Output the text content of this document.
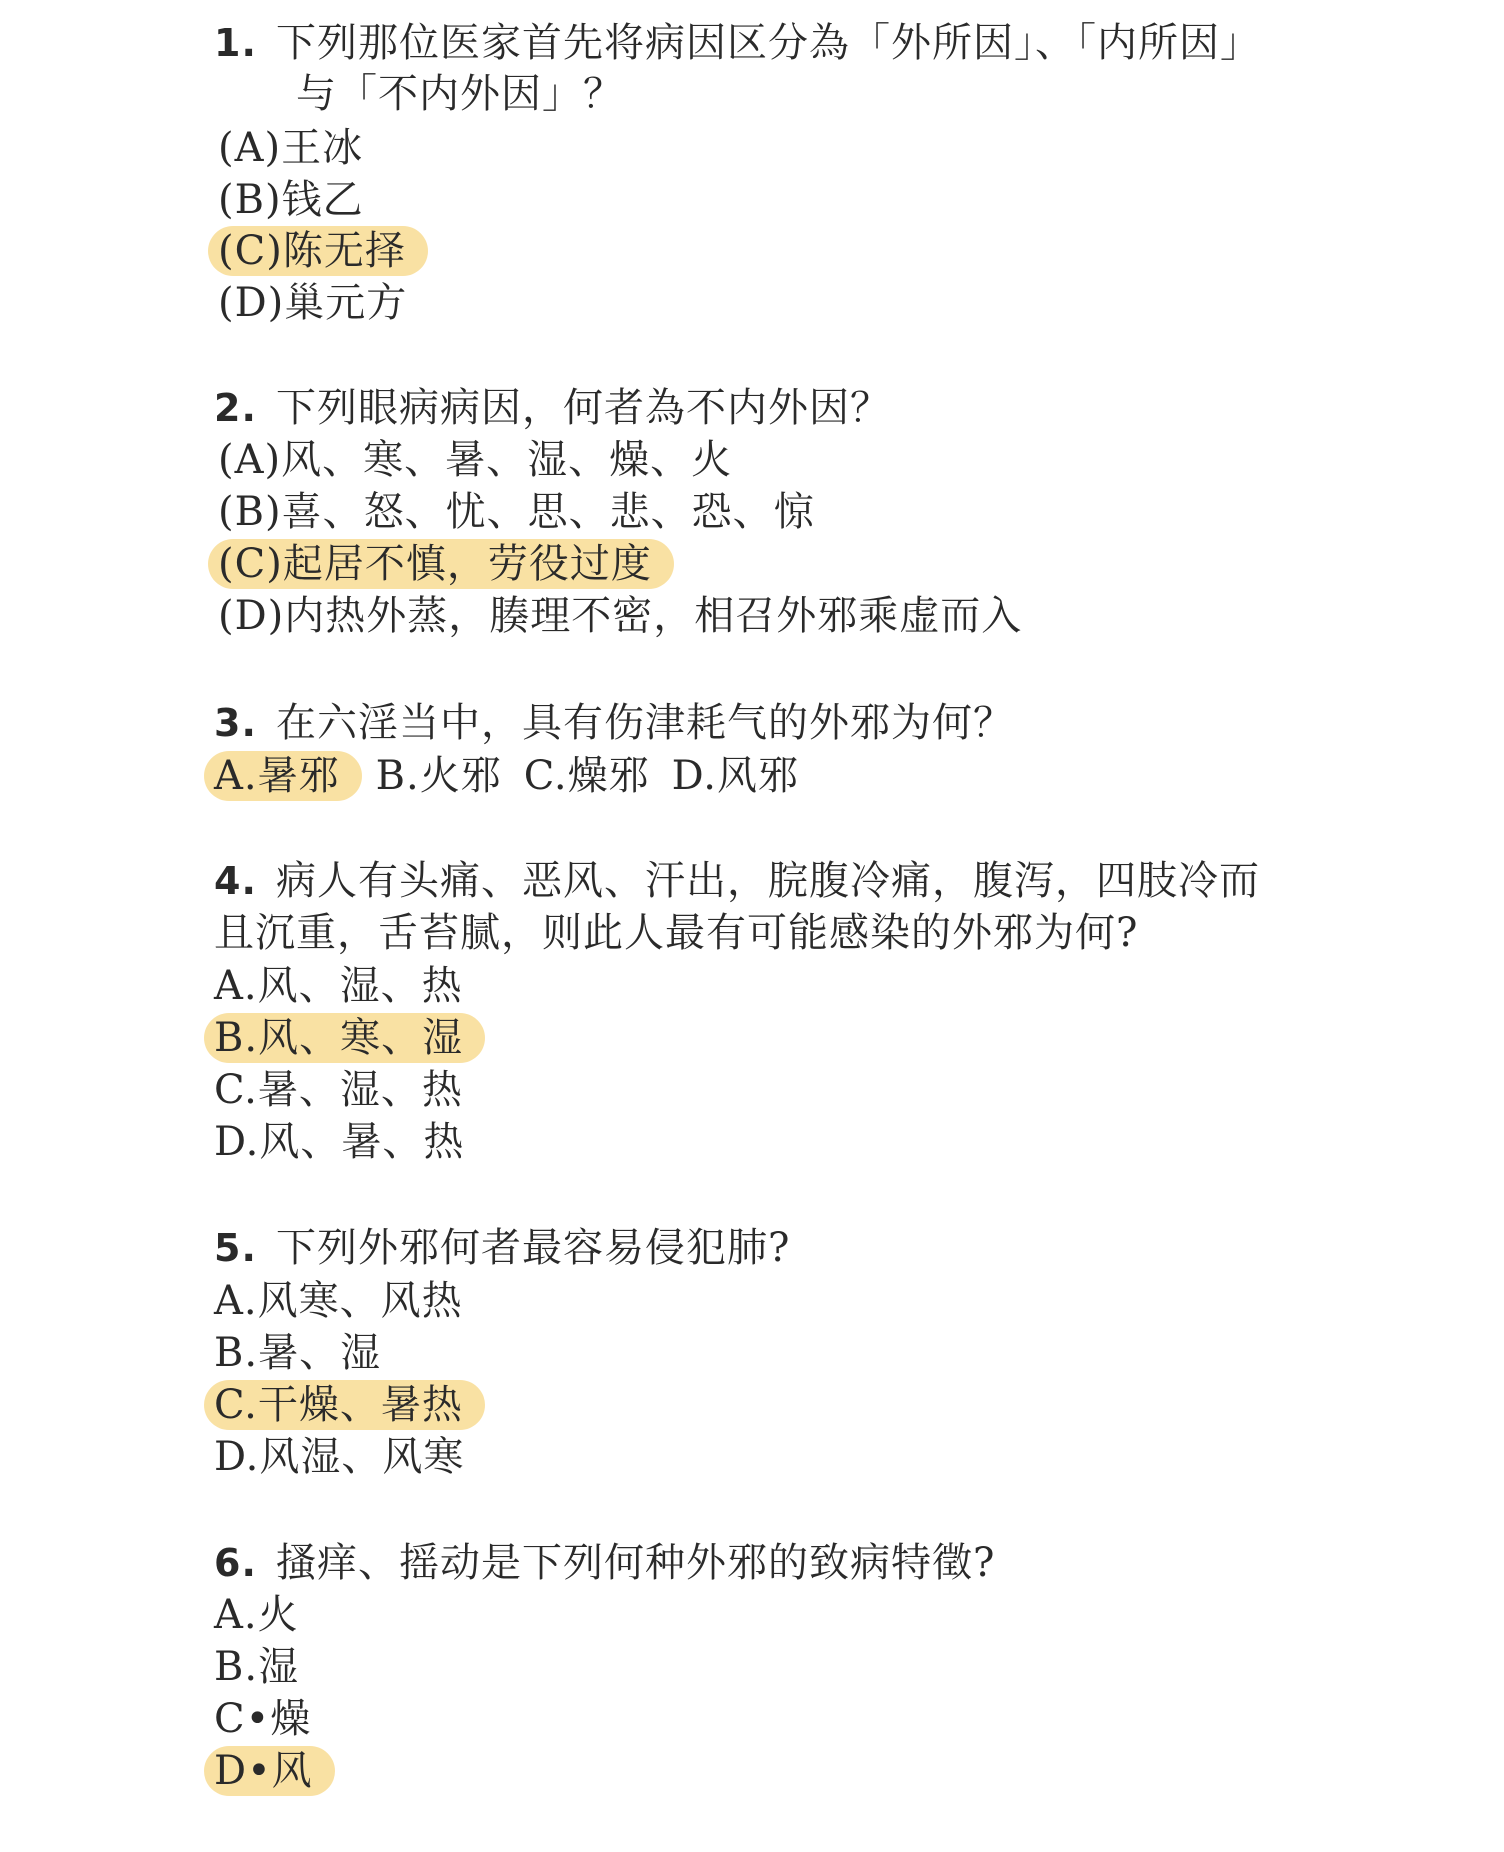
1. 下列那位医家首先将病因区分為「外所因」、「内所因」
与「不内外因」？
(A)王冰
(B)钱乙
(C)陈无择
(D)巢元方
2. 下列眼病病因，何者為不内外因？
(A)风、寒、暑、湿、燥、火
(B)喜、怒、忧、思、悲、恐、惊
(C)起居不慎，劳役过度
(D)内热外蒸，腠理不密，相召外邪乘虚而入
3. 在六淫当中，具有伤津耗气的外邪为何？
A.暑邪 B.火邪 C.燥邪 D.风邪
4. 病人有头痛、恶风、汗出，脘腹冷痛，腹泻，四肢冷而
且沉重，舌苔腻，则此人最有可能感染的外邪为何?
A.风、湿、热
B.风、寒、湿
C.暑、湿、热
D.风、暑、热
5. 下列外邪何者最容易侵犯肺?
A.风寒、风热
B.暑、湿
C.干燥、暑热
D.风湿、风寒
6. 搔痒、摇动是下列何种外邪的致病特徵?
A.火
B.湿
C•燥
D•风
